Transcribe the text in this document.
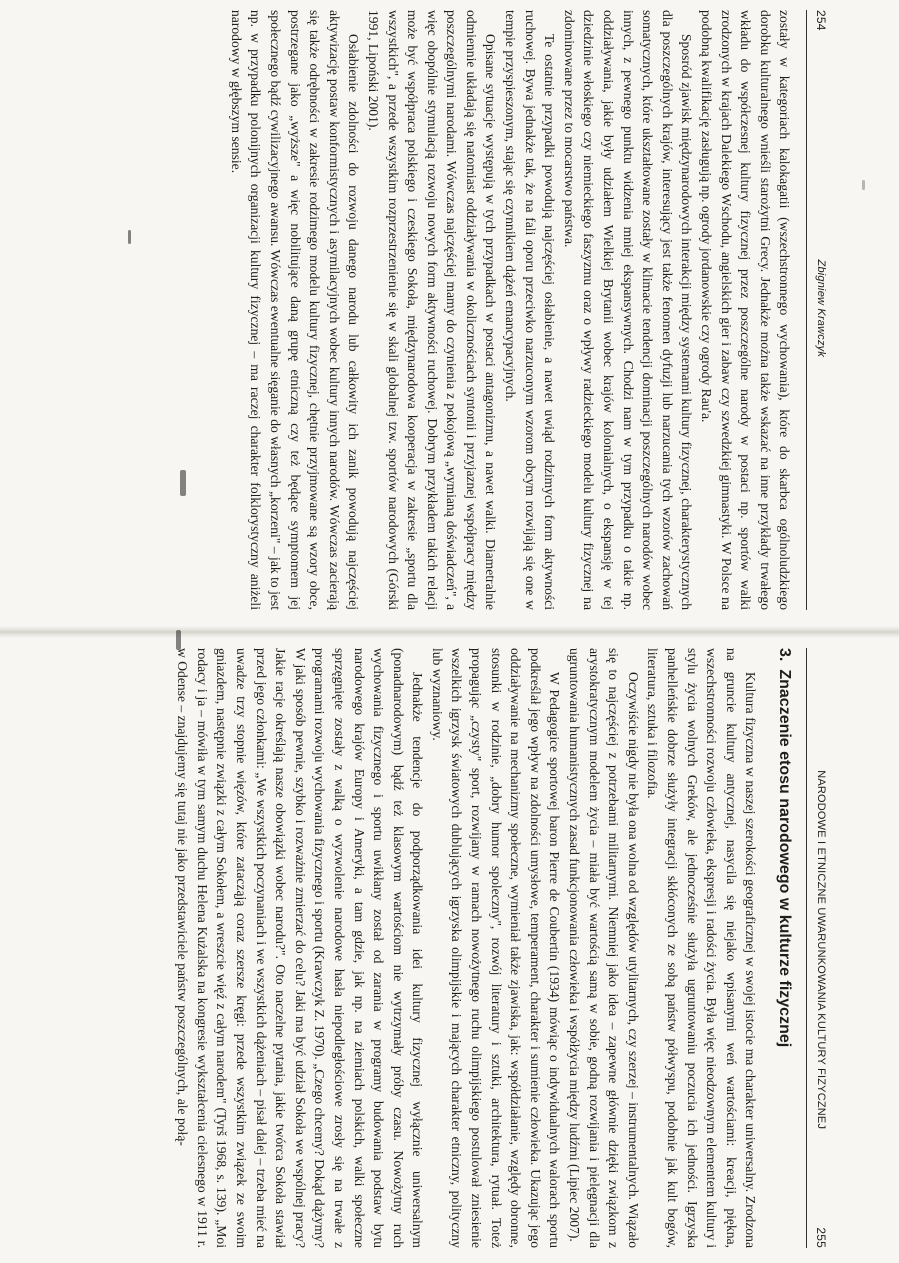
254
Zbigniew Krawczyk

zostały w kategoriach kalokagatii (wszechstronnego wychowania), które do skarbca ogólnoludzkiego dorobku kulturalnego wnieśli starożytni Grecy. Jednakże można także wskazać na inne przykłady trwałego wkładu do współczesnej kultury fizycznej przez poszczególne narody w postaci np. sportów walki zrodzonych w krajach Dalekiego Wschodu, angielskich gier i zabaw czy szwedzkiej gimnastyki. W Polsce na podobną kwalifikację zasługują np. ogrody jordanowskie czy ogrody Rau'a.

Sposród zjawisk międzynarodowych interakcji między systemami kultury fizycznej, charakterystycznych dla poszczególnych krajów, interesujący jest także fenomen dyfuzji lub narzucania tych wzorów zachowań somatycznych, które ukształtowane zostały w klimacie tendencji dominacji poszczególnych narodów wobec innych, z pewnego punktu widzenia mniej ekspansywnych. Chodzi nam w tym przypadku o takie np. oddziaływania, jakie były udziałem Wielkiej Brytanii wobec krajów kolonialnych, o ekspansję w tej dziedzinie włoskiego czy niemieckiego faszyzmu oraz o wpływy radzieckiego modelu kultury fizycznej na zdominowane przez to mocarstwo państwa.

Te ostatnie przypadki powodują najczęściej osłabienie, a nawet uwiąd rodzimych form aktywności ruchowej. Bywa jednakże tak, że na fali oporu przeciwko narzuconym wzorom obcym rozwijają się one w tempie przyspieszonym, stając się czynnikiem dążeń emancypacyjnych.

Opisane sytuacje występują w tych przypadkach w postaci antagonizmu, a nawet walki. Diametralnie odmiennie układają się natomiast oddziaływania w okolicznościach syntonii i przyjaznej współpracy między poszczególnymi narodami. Wówczas najczęściej mamy do czynienia z pokojową „wymianą doświadczeń", a więc obopólnie stymulacją rozwoju nowych form aktywności ruchowej. Dobrym przykładem takich relacji może być współpraca polskiego i czeskiego Sokoła, międzynarodowa kooperacja w zakresie „sportu dla wszystkich", a przede wszystkim rozprzestrzenienie się w skali globalnej tzw. sportów narodowych (Górski 1991, Lipoński 2001).

Osłabienie zdolności do rozwoju danego narodu lub całkowity ich zanik powodują najczęściej aktywizację postaw konformistycznych i asymilacyjnych wobec kultury innych narodów. Wówczas zacierają się także odrębności w zakresie rodzimego modelu kultury fizycznej, chętnie przyjmowane są wzory obce, postrzegane jako „wyższe" a więc nobilitujące daną grupę etniczną czy też będące symptomem jej społecznego bądź cywilizacyjnego awansu. Wówczas ewentualne sięganie do własnych „korzeni" – jak to jest np. w przypadku polonijnych organizacji kultury fizycznej – ma raczej charakter folklorystyczny aniżeli narodowy w głębszym sensie.

NARODOWE I ETNICZNE UWARUNKOWANIA KULTURY FIZYCZNEJ
255
3.Znaczenie etosu narodowego w kulturze fizycznej

Kultura fizyczna w naszej szerokości geograficznej w swojej istocie ma charakter uniwersalny. Zrodzona na gruncie kultury antycznej, nasycila się niejako wpisanymi weń wartościami: kreacji, piękna, wszechstronności rozwoju człowieka, ekspresji i radości życia. Była więc nieodzownym elementem kultury i stylu życia wolnych Greków, ale jednocześnie służyła ugruntowaniu poczucia ich jedności. Igrzyska panhelleńskie dobrze służyły integracji skłóconych ze sobą państw półwyspu, podobnie jak kult bogów, literatura, sztuka i filozofia.

Oczywiście nigdy nie była ona wolna od względów utylitarnych, czy szerzej – instrumentalnych. Wiązało się to najczęściej z potrzebami militarnymi. Niemniej jako idea – zapewne głównie dzięki związkom z arystokratycznym modelem życia – miała być wartością samą w sobie, godną rozwijania i pielęgnacji dla ugruntowania humanistycznych zasad funkcjonowania człowieka i współżycia między ludźmi (Lipiec 2007).

W Pedagogice sportowej baron Pierre de Coubertin (1934) mówiąc o indywidualnych walorach sportu podkreślał jego wpływ na zdolności umysłowe, temperament, charakter i sumienie człowieka. Ukazując jego oddziaływanie na mechanizmy społeczne, wymieniał także zjawiska, jak: współdziałanie, względy obronne, stosunki w rodzinie, „dobry humor spoleczny", rozwój literatury i sztuki, architektura, rytuał. Toteż propagując „czysty" sport, rozwijany w ramach nowożytnego ruchu olimpijskiego postulował zniesienie wszelkich igrzysk światowych dublujących igrzyska olimpijskie i mających charakter etniczny, polityczny lub wyznaniowy.

Jednakże tendencje do podporządkowania idei kultury fizycznej wyłącznie uniwersalnym (ponadnarodowym) bądź też klasowym wartościom nie wytrzymały próby czasu. Nowożytny ruch wychowania fizycznego i sportu uwikłany został od zarania w programy budowania podstaw bytu narodowego krajów Europy i Ameryki, a tam gdzie, jak np. na ziemiach polskich, walki społeczne sprzęgnięte zostały z walką o wyzwolenie narodowe hasła niepodległościowe zrosły się na trwałe z programami rozwoju wychowania fizycznego i sportu (Krawczyk Z. 1970). „Czego chcemy? Dokąd dążymy? W jaki sposób pewnie, szybko i rozważnie zmierzać do celu? Jaki ma być udział Sokoła we wspólnej pracy? Jakie racje określają nasze obowiązki wobec narodu?". Oto naczelne pytania, jakie twórca Sokoła stawiał przed jego członkami: „We wszystkich poczynaniach i we wszystkich dążeniach – pisał dalej – trzeba mieć na uwadze trzy stopnie więzów, które zatacząją coraz szersze kręgi: przede wszystkim związek ze swoim gniazdem, następnie związki z całym Sokołem, a wreszcie więź z całym narodem" (Tyrš 1968, s. 139). „Moi rodacy i ja – mówiła w tym samym duchu Helena Kużalska na kongresie wykształcenia cielesnego w 1911 r. w Odense – znajdujemy się tutaj nie jako przedstawiciele państw poszczególnych, ale połą-
